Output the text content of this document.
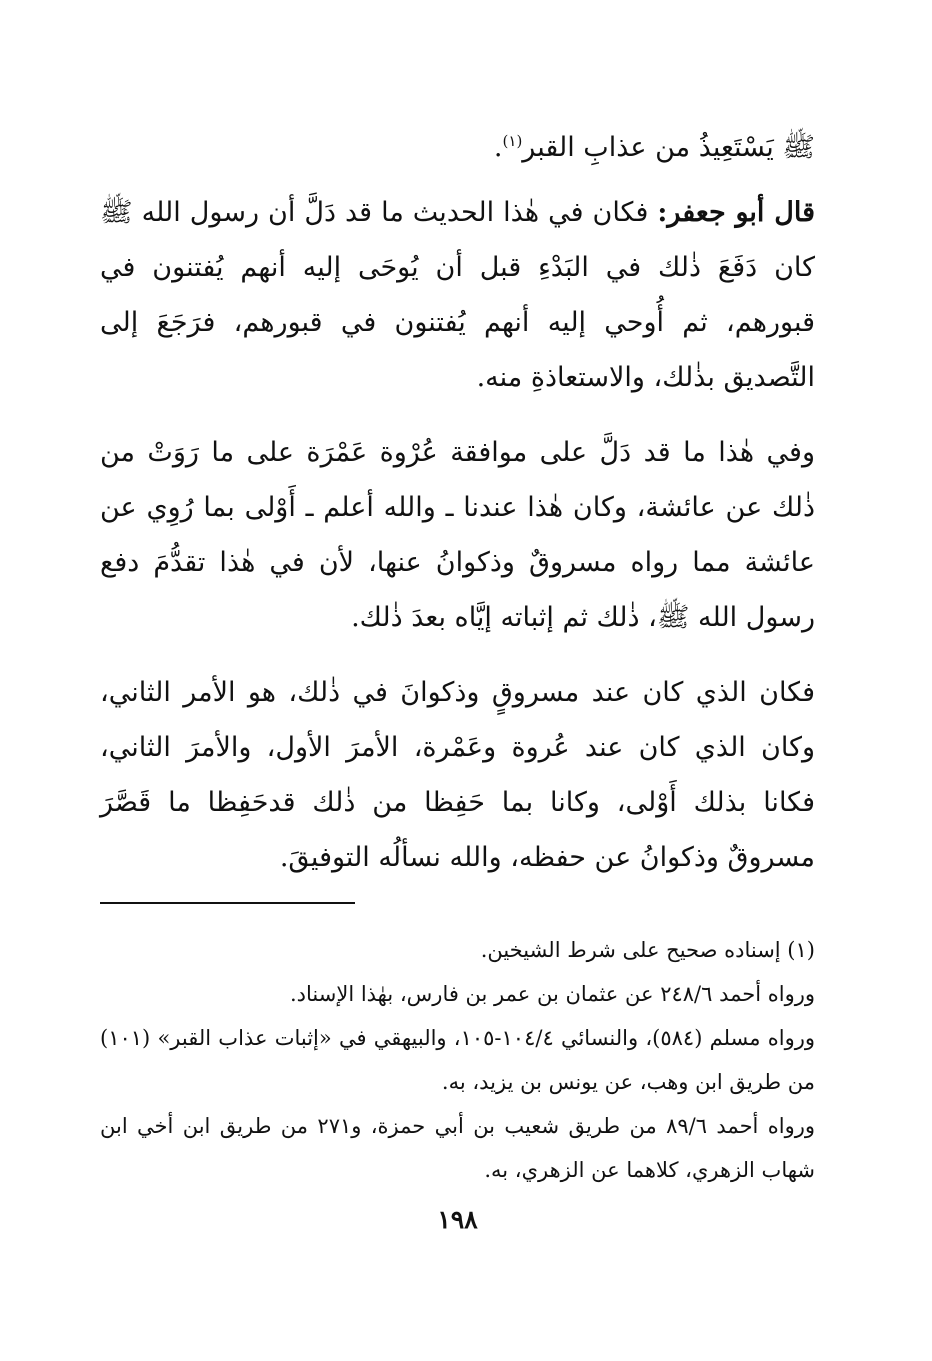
ﷺ يَسْتَعِيذُ من عذابِ القبر$^{(١)}$.

قال أبو جعفر: فكان في هٰذا الحديث ما قد دَلَّ أن رسول الله ﷺ كان دَفَعَ ذٰلك في البَدْءِ قبل أن يُوحَى إليه أنهم يُفتنون في قبورهم، ثم أُوحي إليه أنهم يُفتنون في قبورهم، فرَجَعَ إلى التَّصديق بذٰلك، والاستعاذةِ منه.

وفي هٰذا ما قد دَلَّ على موافقة عُرْوة عَمْرَة على ما رَوَتْ من ذٰلك عن عائشة، وكان هٰذا عندنا ـ والله أعلم ـ أَوْلى بما رُوِي عن عائشة مما رواه مسروقٌ وذكوانُ عنها، لأن في هٰذا تقدُّمَ دفع رسول الله ﷺ، ذٰلك ثم إثباته إيَّاه بعدَ ذٰلك.

فكان الذي كان عند مسروقٍ وذكوانَ في ذٰلك، هو الأمر الثاني، وكان الذي كان عند عُروة وعَمْرة، الأمرَ الأول، والأمرَ الثاني، فكانا بذلك أَوْلى، وكانا بما حَفِظا من ذٰلك قدحَفِظا ما قَصَّرَ مسروقٌ وذكوانُ عن حفظه، والله نسألُه التوفيقَ.

(١) إسناده صحيح على شرط الشيخين.

ورواه أحمد ٢٤٨/٦ عن عثمان بن عمر بن فارس، بهٰذا الإسناد.

ورواه مسلم (٥٨٤)، والنسائي ١٠٤/٤-١٠٥، والبيهقي في «إثبات عذاب القبر» (١٠١) من طريق ابن وهب، عن يونس بن يزيد، به.

ورواه أحمد ٨٩/٦ من طريق شعيب بن أبي حمزة، و٢٧١ من طريق ابن أخي ابن شهاب الزهري، كلاهما عن الزهري، به.

١٩٨
